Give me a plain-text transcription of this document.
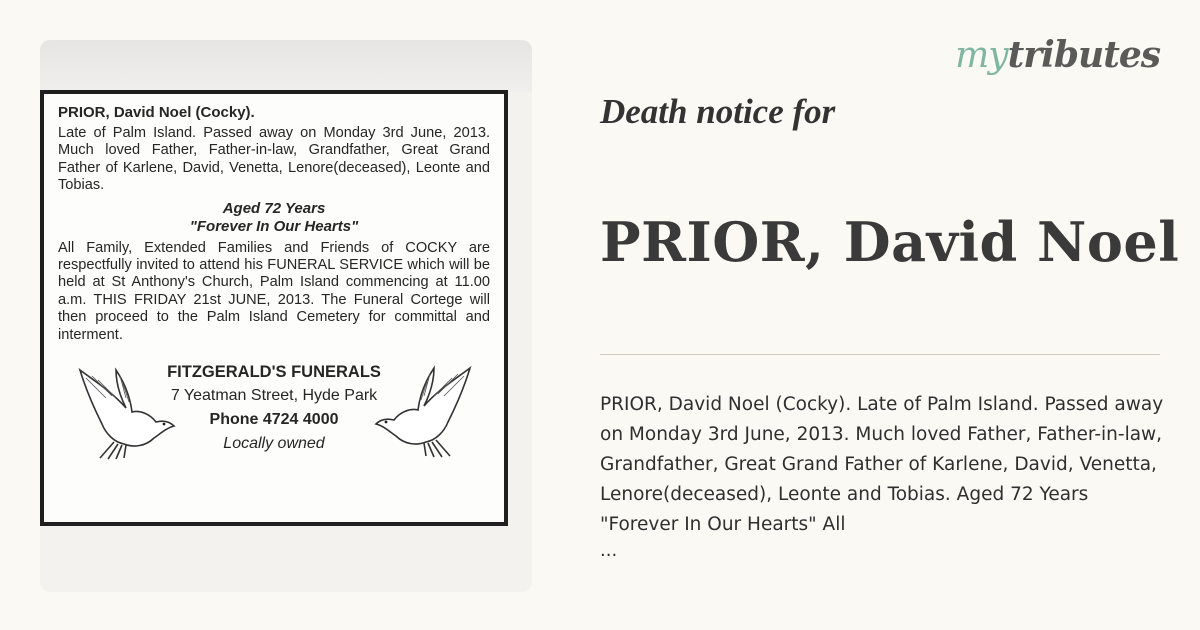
PRIOR, David Noel (Cocky).

Late of Palm Island. Passed away on Monday 3rd June, 2013. Much loved Father, Father-in-law, Grandfather, Great Grand Father of Karlene, David, Venetta, Lenore(deceased), Leonte and Tobias.

Aged 72 Years
"Forever In Our Hearts"

All Family, Extended Families and Friends of COCKY are respectfully invited to attend his FUNERAL SERVICE which will be held at St Anthony's Church, Palm Island commencing at 11.00 a.m. THIS FRIDAY 21st JUNE, 2013. The Funeral Cortege will then proceed to the Palm Island Cemetery for committal and interment.

FITZGERALD'S FUNERALS
7 Yeatman Street, Hyde Park
Phone 4724 4000
Locally owned
mytributes
Death notice for
PRIOR, David Noel

PRIOR, David Noel (Cocky). Late of Palm Island. Passed away on Monday 3rd June, 2013. Much loved Father, Father-in-law, Grandfather, Great Grand Father of Karlene, David, Venetta, Lenore(deceased), Leonte and Tobias. Aged 72 Years "Forever In Our Hearts" All

...
